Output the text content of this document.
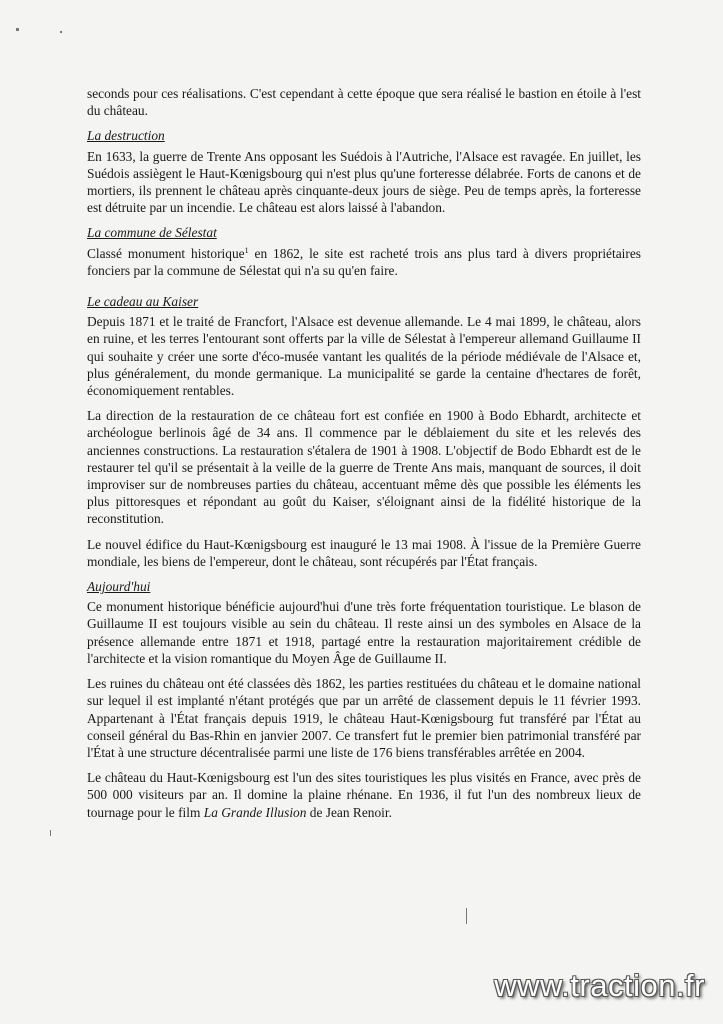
seconds pour ces réalisations. C'est cependant à cette époque que sera réalisé le bastion en étoile à l'est du château.

La destruction

En 1633, la guerre de Trente Ans opposant les Suédois à l'Autriche, l'Alsace est ravagée. En juillet, les Suédois assiègent le Haut-Kœnigsbourg qui n'est plus qu'une forteresse délabrée. Forts de canons et de mortiers, ils prennent le château après cinquante-deux jours de siège. Peu de temps après, la forteresse est détruite par un incendie. Le château est alors laissé à l'abandon.

La commune de Sélestat

Classé monument historique$^1$ en 1862, le site est racheté trois ans plus tard à divers propriétaires fonciers par la commune de Sélestat qui n'a su qu'en faire.

Le cadeau au Kaiser

Depuis 1871 et le traité de Francfort, l'Alsace est devenue allemande. Le 4 mai 1899, le château, alors en ruine, et les terres l'entourant sont offerts par la ville de Sélestat à l'empereur allemand Guillaume II qui souhaite y créer une sorte d'éco-musée vantant les qualités de la période médiévale de l'Alsace et, plus généralement, du monde germanique. La municipalité se garde la centaine d'hectares de forêt, économiquement rentables.

La direction de la restauration de ce château fort est confiée en 1900 à Bodo Ebhardt, architecte et archéologue berlinois âgé de 34 ans. Il commence par le déblaiement du site et les relevés des anciennes constructions. La restauration s'étalera de 1901 à 1908. L'objectif de Bodo Ebhardt est de le restaurer tel qu'il se présentait à la veille de la guerre de Trente Ans mais, manquant de sources, il doit improviser sur de nombreuses parties du château, accentuant même dès que possible les éléments les plus pittoresques et répondant au goût du Kaiser, s'éloignant ainsi de la fidélité historique de la reconstitution.

Le nouvel édifice du Haut-Kœnigsbourg est inauguré le 13 mai 1908. À l'issue de la Première Guerre mondiale, les biens de l'empereur, dont le château, sont récupérés par l'État français.

Aujourd'hui

Ce monument historique bénéficie aujourd'hui d'une très forte fréquentation touristique. Le blason de Guillaume II est toujours visible au sein du château. Il reste ainsi un des symboles en Alsace de la présence allemande entre 1871 et 1918, partagé entre la restauration majoritairement crédible de l'architecte et la vision romantique du Moyen Âge de Guillaume II.

Les ruines du château ont été classées dès 1862, les parties restituées du château et le domaine national sur lequel il est implanté n'étant protégés que par un arrêté de classement depuis le 11 février 1993. Appartenant à l'État français depuis 1919, le château Haut-Kœnigsbourg fut transféré par l'État au conseil général du Bas-Rhin en janvier 2007. Ce transfert fut le premier bien patrimonial transféré par l'État à une structure décentralisée parmi une liste de 176 biens transférables arrêtée en 2004.

Le château du Haut-Kœnigsbourg est l'un des sites touristiques les plus visités en France, avec près de 500 000 visiteurs par an. Il domine la plaine rhénane. En 1936, il fut l'un des nombreux lieux de tournage pour le film La Grande Illusion de Jean Renoir.

www.traction.fr
